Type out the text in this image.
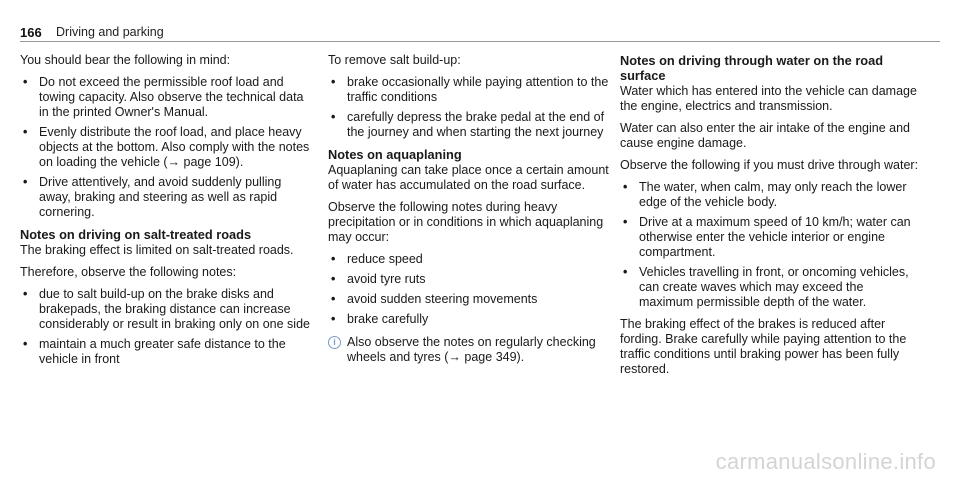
166 Driving and parking

You should bear the following in mind:

• Do not exceed the permissible roof load and towing capacity. Also observe the technical data in the printed Owner's Manual.
• Evenly distribute the roof load, and place heavy objects at the bottom. Also comply with the notes on loading the vehicle (→ page 109).
• Drive attentively, and avoid suddenly pulling away, braking and steering as well as rapid cornering.
Notes on driving on salt-treated roads

The braking effect is limited on salt-treated roads.

Therefore, observe the following notes:

• due to salt build-up on the brake disks and brakepads, the braking distance can increase considerably or result in braking only on one side
• maintain a much greater safe distance to the vehicle in front

To remove salt build-up:

• brake occasionally while paying attention to the traffic conditions
• carefully depress the brake pedal at the end of the journey and when starting the next journey
Notes on aquaplaning

Aquaplaning can take place once a certain amount of water has accumulated on the road surface.

Observe the following notes during heavy precipitation or in conditions in which aquaplaning may occur:

• reduce speed
• avoid tyre ruts
• avoid sudden steering movements
• brake carefully
i Also observe the notes on regularly checking wheels and tyres (→ page 349).
Notes on driving through water on the road surface

Water which has entered into the vehicle can damage the engine, electrics and transmission.

Water can also enter the air intake of the engine and cause engine damage.

Observe the following if you must drive through water:

• The water, when calm, may only reach the lower edge of the vehicle body.
• Drive at a maximum speed of 10 km/h; water can otherwise enter the vehicle interior or engine compartment.
• Vehicles travelling in front, or oncoming vehicles, can create waves which may exceed the maximum permissible depth of the water.

The braking effect of the brakes is reduced after fording. Brake carefully while paying attention to the traffic conditions until braking power has been fully restored.

carmanualsonline.info
